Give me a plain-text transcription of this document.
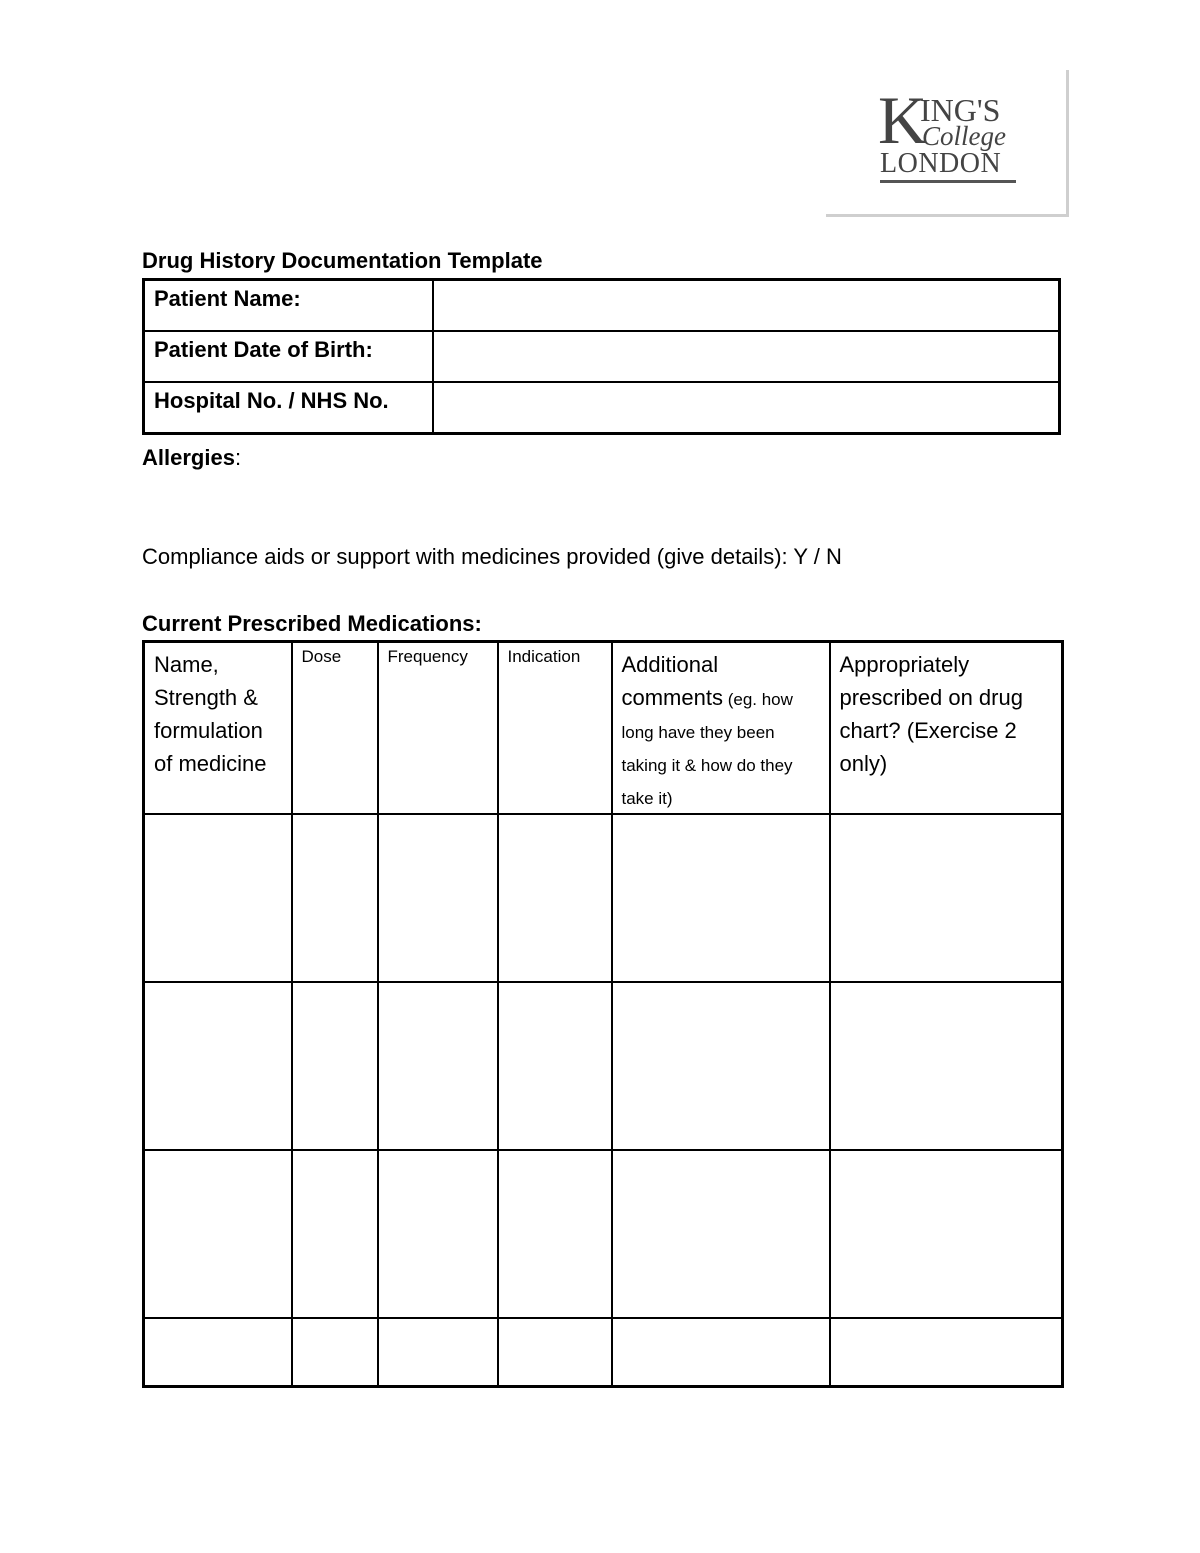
K
ING'S
College
LONDON
Drug History Documentation Template
Patient Name:	
Patient Date of Birth:	
Hospital No. / NHS No.	
Allergies:
Compliance aids or support with medicines provided (give details): Y / N
Current Prescribed Medications:
Name, Strength & formulation of medicine	Dose	Frequency	Indication	Additional comments (eg. how long have they been taking it & how do they take it)	Appropriately prescribed on drug chart? (Exercise 2 only)
